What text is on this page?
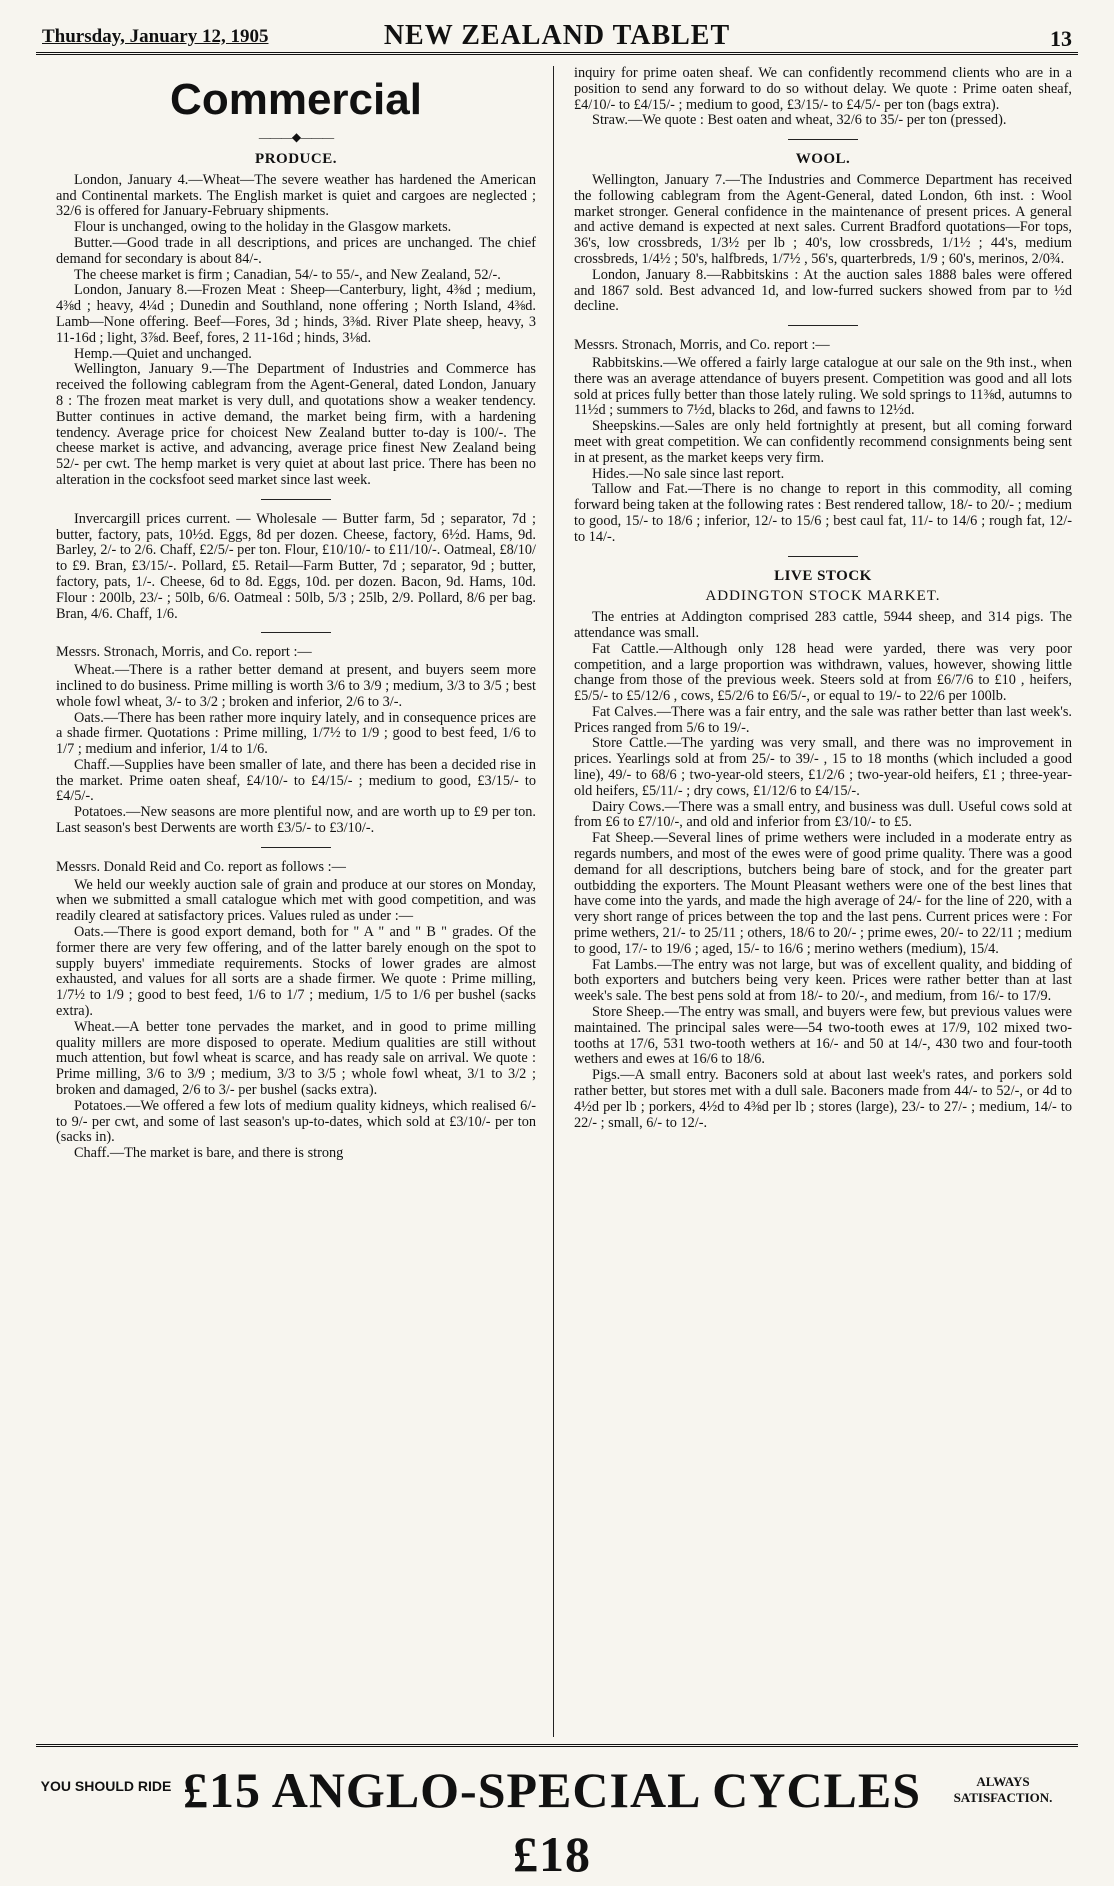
Thursday, January 12, 1905	NEW ZEALAND TABLET	13
Commercial
———◆———
PRODUCE.

London, January 4.—Wheat—The severe weather has hardened the American and Continental markets. The English market is quiet and cargoes are neglected ; 32/6 is offered for January-February shipments.

Flour is unchanged, owing to the holiday in the Glasgow markets.

Butter.—Good trade in all descriptions, and prices are unchanged. The chief demand for secondary is about 84/-.

The cheese market is firm ; Canadian, 54/- to 55/-, and New Zealand, 52/-.

London, January 8.—Frozen Meat : Sheep—Canterbury, light, 4⅜d ; medium, 4⅜d ; heavy, 4¼d ; Dunedin and Southland, none offering ; North Island, 4⅜d. Lamb—None offering. Beef—Fores, 3d ; hinds, 3⅜d. River Plate sheep, heavy, 3 11-16d ; light, 3⅞d. Beef, fores, 2 11-16d ; hinds, 3⅛d.

Hemp.—Quiet and unchanged.

Wellington, January 9.—The Department of Industries and Commerce has received the following cablegram from the Agent-General, dated London, January 8 : The frozen meat market is very dull, and quotations show a weaker tendency. Butter continues in active demand, the market being firm, with a hardening tendency. Average price for choicest New Zealand butter to-day is 100/-. The cheese market is active, and advancing, average price finest New Zealand being 52/- per cwt. The hemp market is very quiet at about last price. There has been no alteration in the cocksfoot seed market since last week.

Invercargill prices current. — Wholesale — Butter farm, 5d ; separator, 7d ; butter, factory, pats, 10½d. Eggs, 8d per dozen. Cheese, factory, 6½d. Hams, 9d. Barley, 2/- to 2/6. Chaff, £2/5/- per ton. Flour, £10/10/- to £11/10/-. Oatmeal, £8/10/ to £9. Bran, £3/15/-. Pollard, £5. Retail—Farm Butter, 7d ; separator, 9d ; butter, factory, pats, 1/-. Cheese, 6d to 8d. Eggs, 10d. per dozen. Bacon, 9d. Hams, 10d. Flour : 200lb, 23/- ; 50lb, 6/6. Oatmeal : 50lb, 5/3 ; 25lb, 2/9. Pollard, 8/6 per bag. Bran, 4/6. Chaff, 1/6.

Messrs. Stronach, Morris, and Co. report :—

Wheat.—There is a rather better demand at present, and buyers seem more inclined to do business. Prime milling is worth 3/6 to 3/9 ; medium, 3/3 to 3/5 ; best whole fowl wheat, 3/- to 3/2 ; broken and inferior, 2/6 to 3/-.

Oats.—There has been rather more inquiry lately, and in consequence prices are a shade firmer. Quotations : Prime milling, 1/7½ to 1/9 ; good to best feed, 1/6 to 1/7 ; medium and inferior, 1/4 to 1/6.

Chaff.—Supplies have been smaller of late, and there has been a decided rise in the market. Prime oaten sheaf, £4/10/- to £4/15/- ; medium to good, £3/15/- to £4/5/-.

Potatoes.—New seasons are more plentiful now, and are worth up to £9 per ton. Last season's best Derwents are worth £3/5/- to £3/10/-.

Messrs. Donald Reid and Co. report as follows :—

We held our weekly auction sale of grain and produce at our stores on Monday, when we submitted a small catalogue which met with good competition, and was readily cleared at satisfactory prices. Values ruled as under :—

Oats.—There is good export demand, both for " A " and " B " grades. Of the former there are very few offering, and of the latter barely enough on the spot to supply buyers' immediate requirements. Stocks of lower grades are almost exhausted, and values for all sorts are a shade firmer. We quote : Prime milling, 1/7½ to 1/9 ; good to best feed, 1/6 to 1/7 ; medium, 1/5 to 1/6 per bushel (sacks extra).

Wheat.—A better tone pervades the market, and in good to prime milling quality millers are more disposed to operate. Medium qualities are still without much attention, but fowl wheat is scarce, and has ready sale on arrival. We quote : Prime milling, 3/6 to 3/9 ; medium, 3/3 to 3/5 ; whole fowl wheat, 3/1 to 3/2 ; broken and damaged, 2/6 to 3/- per bushel (sacks extra).

Potatoes.—We offered a few lots of medium quality kidneys, which realised 6/- to 9/- per cwt, and some of last season's up-to-dates, which sold at £3/10/- per ton (sacks in).

Chaff.—The market is bare, and there is strong

inquiry for prime oaten sheaf. We can confidently recommend clients who are in a position to send any forward to do so without delay. We quote : Prime oaten sheaf, £4/10/- to £4/15/- ; medium to good, £3/15/- to £4/5/- per ton (bags extra).

Straw.—We quote : Best oaten and wheat, 32/6 to 35/- per ton (pressed).

WOOL.

Wellington, January 7.—The Industries and Commerce Department has received the following cablegram from the Agent-General, dated London, 6th inst. : Wool market stronger. General confidence in the maintenance of present prices. A general and active demand is expected at next sales. Current Bradford quotations—For tops, 36's, low crossbreds, 1/3½ per lb ; 40's, low crossbreds, 1/1½ ; 44's, medium crossbreds, 1/4½ ; 50's, halfbreds, 1/7½ , 56's, quarterbreds, 1/9 ; 60's, merinos, 2/0¾.

London, January 8.—Rabbitskins : At the auction sales 1888 bales were offered and 1867 sold. Best advanced 1d, and low-furred suckers showed from par to ½d decline.

Messrs. Stronach, Morris, and Co. report :—

Rabbitskins.—We offered a fairly large catalogue at our sale on the 9th inst., when there was an average attendance of buyers present. Competition was good and all lots sold at prices fully better than those lately ruling. We sold springs to 11⅜d, autumns to 11½d ; summers to 7½d, blacks to 26d, and fawns to 12½d.

Sheepskins.—Sales are only held fortnightly at present, but all coming forward meet with great competition. We can confidently recommend consignments being sent in at present, as the market keeps very firm.

Hides.—No sale since last report.

Tallow and Fat.—There is no change to report in this commodity, all coming forward being taken at the following rates : Best rendered tallow, 18/- to 20/- ; medium to good, 15/- to 18/6 ; inferior, 12/- to 15/6 ; best caul fat, 11/- to 14/6 ; rough fat, 12/- to 14/-.

LIVE STOCK
ADDINGTON STOCK MARKET.

The entries at Addington comprised 283 cattle, 5944 sheep, and 314 pigs. The attendance was small.

Fat Cattle.—Although only 128 head were yarded, there was very poor competition, and a large proportion was withdrawn, values, however, showing little change from those of the previous week. Steers sold at from £6/7/6 to £10 , heifers, £5/5/- to £5/12/6 , cows, £5/2/6 to £6/5/-, or equal to 19/- to 22/6 per 100lb.

Fat Calves.—There was a fair entry, and the sale was rather better than last week's. Prices ranged from 5/6 to 19/-.

Store Cattle.—The yarding was very small, and there was no improvement in prices. Yearlings sold at from 25/- to 39/- , 15 to 18 months (which included a good line), 49/- to 68/6 ; two-year-old steers, £1/2/6 ; two-year-old heifers, £1 ; three-year-old heifers, £5/11/- ; dry cows, £1/12/6 to £4/15/-.

Dairy Cows.—There was a small entry, and business was dull. Useful cows sold at from £6 to £7/10/-, and old and inferior from £3/10/- to £5.

Fat Sheep.—Several lines of prime wethers were included in a moderate entry as regards numbers, and most of the ewes were of good prime quality. There was a good demand for all descriptions, butchers being bare of stock, and for the greater part outbidding the exporters. The Mount Pleasant wethers were one of the best lines that have come into the yards, and made the high average of 24/- for the line of 220, with a very short range of prices between the top and the last pens. Current prices were : For prime wethers, 21/- to 25/11 ; others, 18/6 to 20/- ; prime ewes, 20/- to 22/11 ; medium to good, 17/- to 19/6 ; aged, 15/- to 16/6 ; merino wethers (medium), 15/4.

Fat Lambs.—The entry was not large, but was of excellent quality, and bidding of both exporters and butchers being very keen. Prices were rather better than at last week's sale. The best pens sold at from 18/- to 20/-, and medium, from 16/- to 17/9.

Store Sheep.—The entry was small, and buyers were few, but previous values were maintained. The principal sales were—54 two-tooth ewes at 17/9, 102 mixed two-tooths at 17/6, 531 two-tooth wethers at 16/- and 50 at 14/-, 430 two and four-tooth wethers and ewes at 16/6 to 18/6.

Pigs.—A small entry. Baconers sold at about last week's rates, and porkers sold rather better, but stores met with a dull sale. Baconers made from 44/- to 52/-, or 4d to 4½d per lb ; porkers, 4½d to 4⅜d per lb ; stores (large), 23/- to 27/- ; medium, 14/- to 22/- ; small, 6/- to 12/-.

YOU SHOULD RIDE £15 ANGLO-SPECIAL CYCLES £18
ALWAYS SATISFACTION.
